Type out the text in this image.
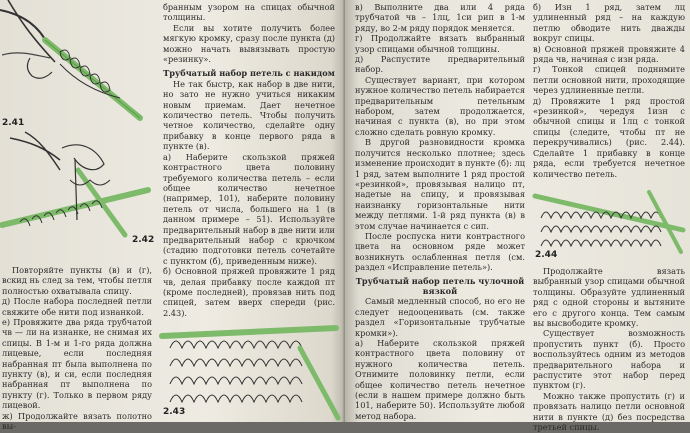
2.41
2.42

Повторяйте пункты (в) и (г), вскид нь след за тем, чтобы петля полностью охватывала спицу.

д) После набора последней петли свяжите обе нити под изнанкой.

е) Провяжите два ряда трубчатой чв — ли на изнанке, не снимая их спицы. В 1-м и 1-го ряда должна лицевые, если последняя набранная пт была выполнена по пункту (в), и си, если последняя набранная пт выполнена по пункту (г). Только в первом ряду лицевой.

ж) Продолжайте вязать полотно вы-

бранным узором на спицах обычной толщины.

Если вы хотите получить более мягкую кромку, сразу после пункта (д) можно начать вывязывать простую «резинку».

Трубчатый набор петель с накидом

Не так быстр, как набор в две нити, но зато не нужно учиться никаким новым приемам. Дает нечетное количество петель. Чтобы получить четное количество, сделайте одну прибавку в конце первого ряда в пункте (в).

а) Наберите скользкой пряжей контрастного цвета половину требуемого количества петель – если общее количество нечетное (например, 101), наберите половину петель от числа, большего на 1 (в данном примере – 51). Используйте предварительный набор в две нити или предварительный набор с крючком (стадию подготовки петель сочетайте с пунктом (б), приведенным ниже).

б) Основной пряжей провяжите 1 ряд чв, делая прибавку после каждой пт (кроме последней), провязав нить под спицей, затем вверх спереди (рис. 2.43).

2.43

в) Выполните два или 4 ряда трубчатой чв – 1лц, 1си рип в 1-м ряду, во 2-м ряду порядок меняется.

г) Продолжайте вязать выбранный узор спицами обычной толщины.

д) Распустите предварительный набор.

Существует вариант, при котором нужное количество петель набирается предварительным петельным набором, затем продолжается, начиная с пункта (в), но при этом сложно сделать ровную кромку.

В другой разновидности кромка получится несколько плотнее; здесь изменение происходит в пункте (б): лц 1 ряд, затем выполните 1 ряд простой «резинкой», провязывая налицо пт, надетые на спицу, и провязывая наизнанку горизонтальные нити между петлями. 1-й ряд пункта (в) в этом случае начинается с сип.

После роспуска нити контрастного цвета на основном ряде может возникнуть ослабленная петля (см. раздел «Исправление петель»).

Трубчатый набор петель чулочной вязкой

Самый медленный способ, но его не следует недооценивать (см. также раздел «Горизонтальные трубчатые кромки»).

а) Наберите скользкой пряжей контрастного цвета половину от нужного количества петель. Отнимите половинку петли, если общее количество петель нечетное (если в нашем примере должно быть 101, наберите 50). Используйте любой метод набора.

б) Изн 1 ряд, затем лц удлиненный ряд – на каждую петлю обводите нить дважды вокруг спицы.

в) Основной пряжей провяжите 4 ряда чв, начиная с изн ряда.

г) Тонкой спицей поднимите петли основной нити, проходящие через удлиненные петли.

д) Провяжите 1 ряд простой «резинкой», чередуя 1изн с обычной спицы и 1лц с тонкой спицы (следите, чтобы пт не перекручивались) (рис. 2.44). Сделайте 1 прибавку в конце ряда, если требуется нечетное количество петель.

2.44

Продолжайте вязать выбранный узор спицами обычной толщины. Образуйте удлиненный ряд с одной стороны и вытяните его с другого конца. Тем самым вы высвободите кромку.

Существует возможность пропустить пункт (б). Просто воспользуйтесь одним из методов предварительного набора и распустите этот набор перед пунктом (г).

Можно также пропустить (г) и провязать налицо петли основной нити в пункте (д) без посредства третьей спицы.
